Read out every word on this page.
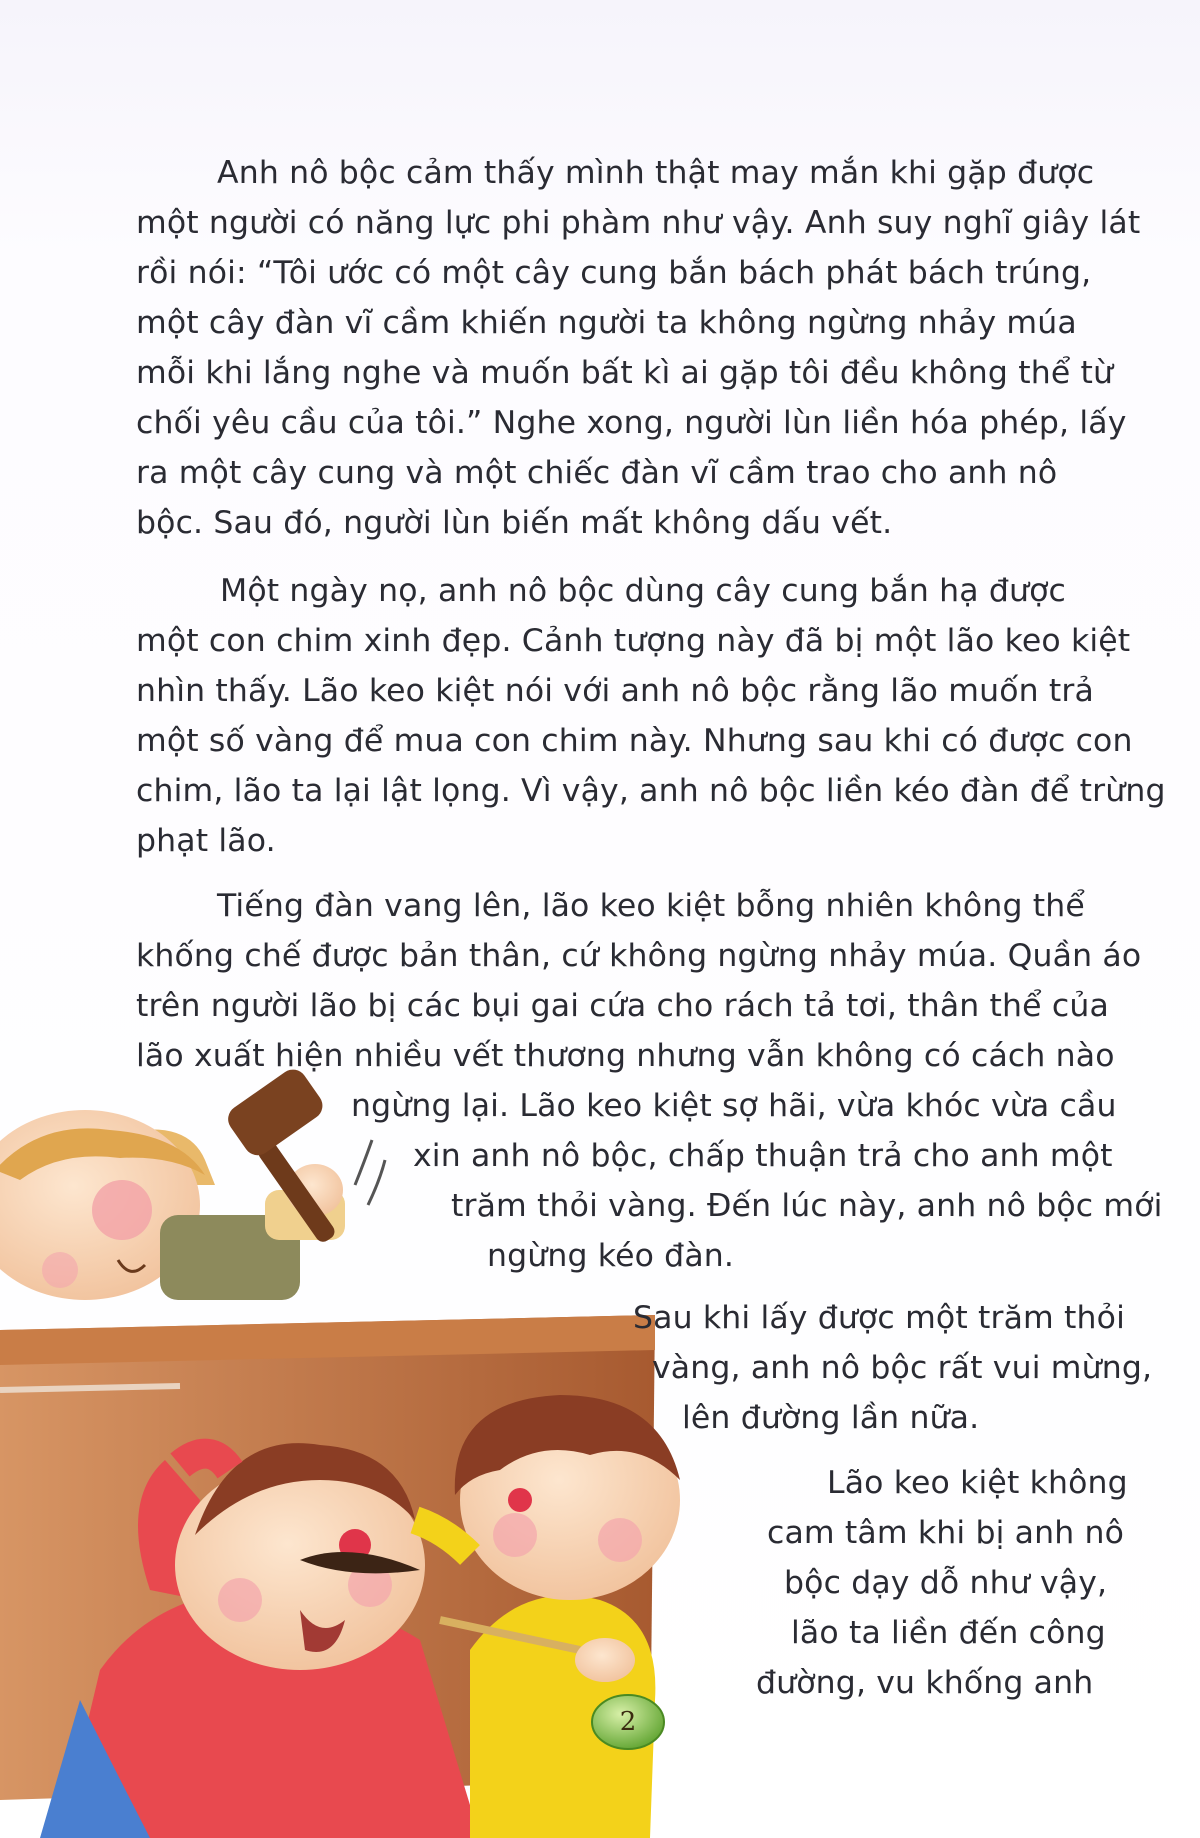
Anh nô bộc cảm thấy mình thật may mắn khi gặp được
một người có năng lực phi phàm như vậy. Anh suy nghĩ giây lát
rồi nói: “Tôi ước có một cây cung bắn bách phát bách trúng,
một cây đàn vĩ cầm khiến người ta không ngừng nhảy múa
mỗi khi lắng nghe và muốn bất kì ai gặp tôi đều không thể từ
chối yêu cầu của tôi.” Nghe xong, người lùn liền hóa phép, lấy
ra một cây cung và một chiếc đàn vĩ cầm trao cho anh nô
bộc. Sau đó, người lùn biến mất không dấu vết.
Một ngày nọ, anh nô bộc dùng cây cung bắn hạ được
một con chim xinh đẹp. Cảnh tượng này đã bị một lão keo kiệt
nhìn thấy. Lão keo kiệt nói với anh nô bộc rằng lão muốn trả
một số vàng để mua con chim này. Nhưng sau khi có được con
chim, lão ta lại lật lọng. Vì vậy, anh nô bộc liền kéo đàn để trừng
phạt lão.
Tiếng đàn vang lên, lão keo kiệt bỗng nhiên không thể
khống chế được bản thân, cứ không ngừng nhảy múa. Quần áo
trên người lão bị các bụi gai cứa cho rách tả tơi, thân thể của
lão xuất hiện nhiều vết thương nhưng vẫn không có cách nào
ngừng lại. Lão keo kiệt sợ hãi, vừa khóc vừa cầu
xin anh nô bộc, chấp thuận trả cho anh một
trăm thỏi vàng. Đến lúc này, anh nô bộc mới
ngừng kéo đàn.
Sau khi lấy được một trăm thỏi
vàng, anh nô bộc rất vui mừng,
lên đường lần nữa.
Lão keo kiệt không
cam tâm khi bị anh nô
bộc dạy dỗ như vậy,
lão ta liền đến công
đường, vu khống anh
2
